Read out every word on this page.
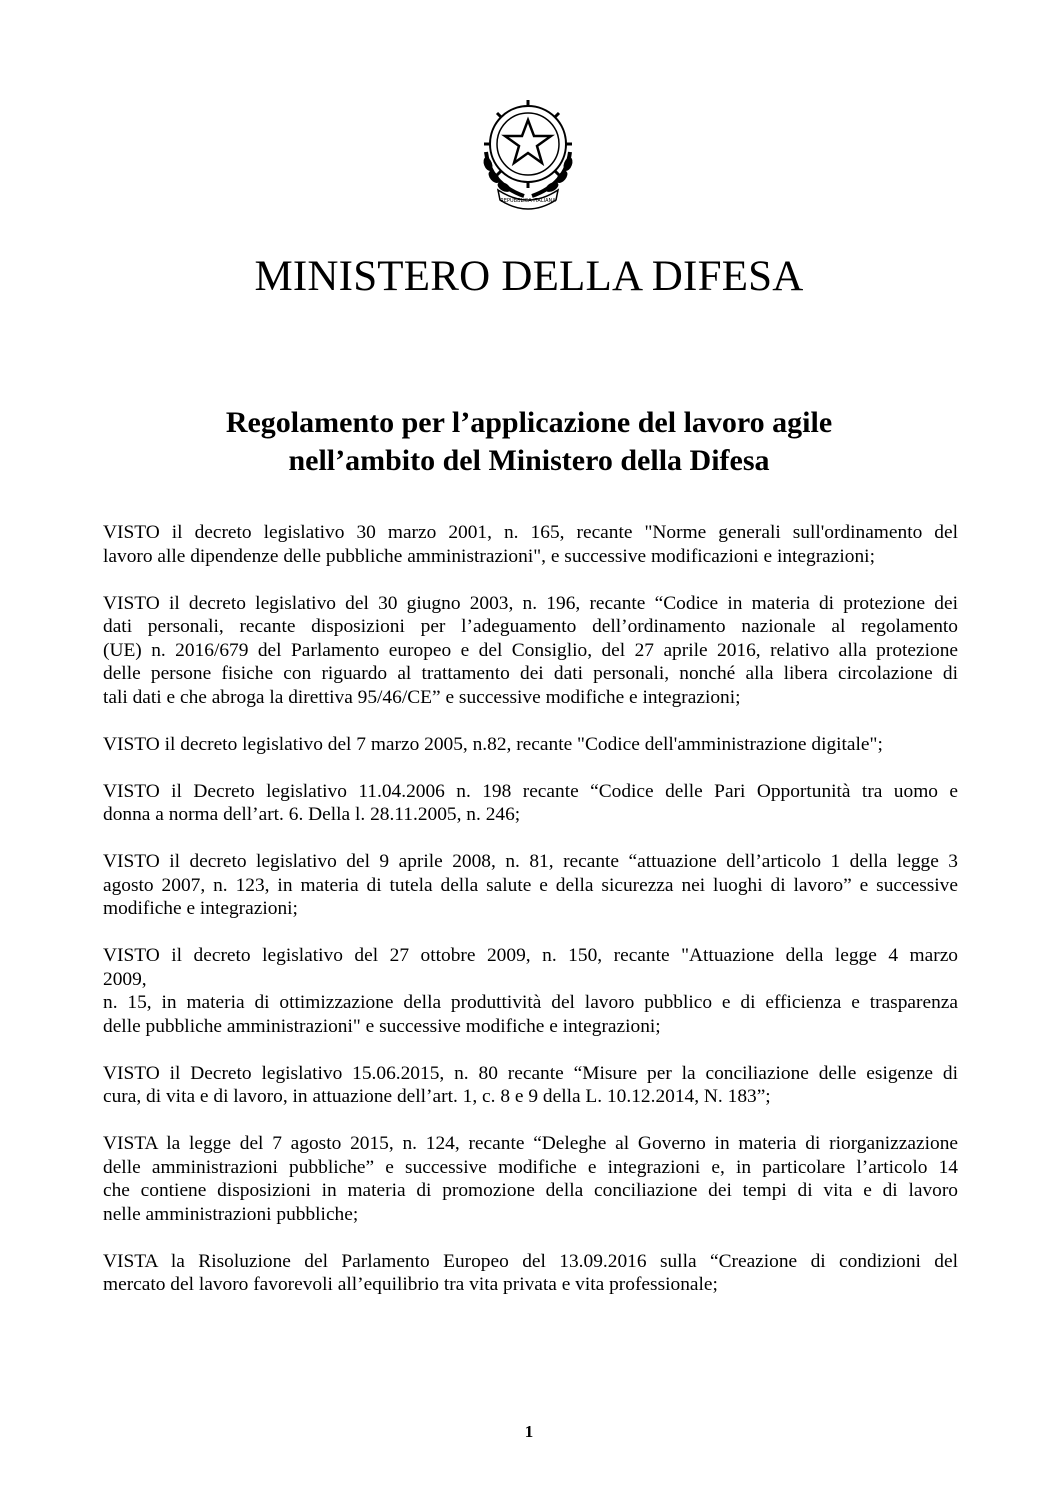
REPUBBLICA ITALIANA
MINISTERO DELLA DIFESA
Regolamento per l’applicazione del lavoro agile
nell’ambito del Ministero della Difesa
VISTO il decreto legislativo 30 marzo 2001, n. 165, recante "Norme generali sull'ordinamento del
lavoro alle dipendenze delle pubbliche amministrazioni", e successive modificazioni e integrazioni;
VISTO il decreto legislativo del 30 giugno 2003, n. 196, recante “Codice in materia di protezione dei
dati personali, recante disposizioni per l’adeguamento dell’ordinamento nazionale al regolamento
(UE) n. 2016/679 del Parlamento europeo e del Consiglio, del 27 aprile 2016, relativo alla protezione
delle persone fisiche con riguardo al trattamento dei dati personali, nonché alla libera circolazione di
tali dati e che abroga la direttiva 95/46/CE” e successive modifiche e integrazioni;
VISTO il decreto legislativo del 7 marzo 2005, n.82, recante "Codice dell'amministrazione digitale";
VISTO il Decreto legislativo 11.04.2006 n. 198 recante “Codice delle Pari Opportunità tra uomo e
donna a norma dell’art. 6. Della l. 28.11.2005, n. 246;
VISTO il decreto legislativo del 9 aprile 2008, n. 81, recante “attuazione dell’articolo 1 della legge 3
agosto 2007, n. 123, in materia di tutela della salute e della sicurezza nei luoghi di lavoro” e successive
modifiche e integrazioni;
VISTO il decreto legislativo del 27 ottobre 2009, n. 150, recante "Attuazione della legge 4 marzo
2009,
n. 15, in materia di ottimizzazione della produttività del lavoro pubblico e di efficienza e trasparenza
delle pubbliche amministrazioni" e successive modifiche e integrazioni;
VISTO il Decreto legislativo 15.06.2015, n. 80 recante “Misure per la conciliazione delle esigenze di
cura, di vita e di lavoro, in attuazione dell’art. 1, c. 8 e 9 della L. 10.12.2014, N. 183”;
VISTA la legge del 7 agosto 2015, n. 124, recante “Deleghe al Governo in materia di riorganizzazione
delle amministrazioni pubbliche” e successive modifiche e integrazioni e, in particolare l’articolo 14
che contiene disposizioni in materia di promozione della conciliazione dei tempi di vita e di lavoro
nelle amministrazioni pubbliche;
VISTA la Risoluzione del Parlamento Europeo del 13.09.2016 sulla “Creazione di condizioni del
mercato del lavoro favorevoli all’equilibrio tra vita privata e vita professionale;
1
